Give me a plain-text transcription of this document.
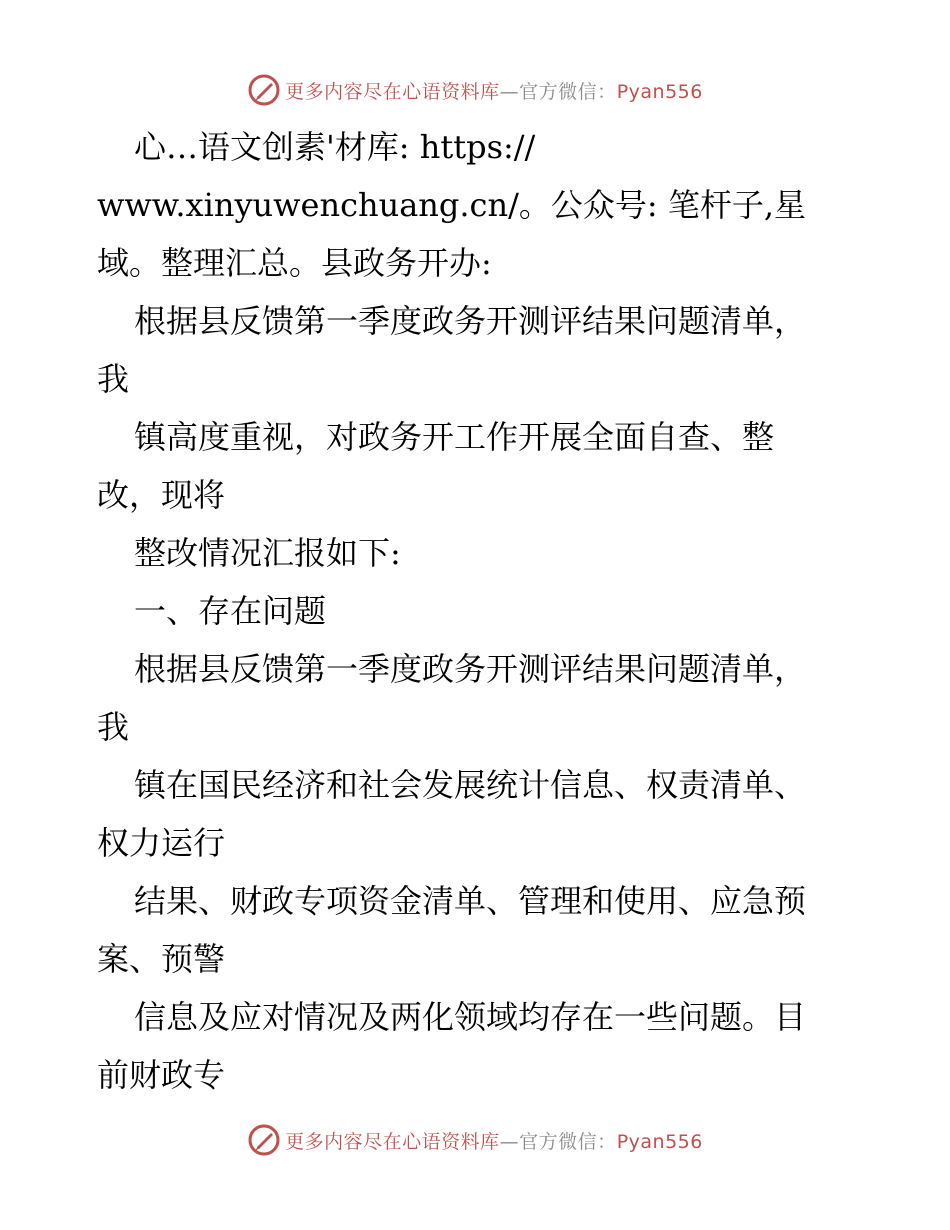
更多内容尽在心语资料库—官方微信：Pyan556
心…语文创素'材库: https://
www.xinyuwenchuang.cn/。公众号: 笔杆子,星
域。整理汇总。县政务开办:
根据县反馈第一季度政务开测评结果问题清单，
我
镇高度重视，对政务开工作开展全面自查、整
改，现将
整改情况汇报如下:
一、存在问题
根据县反馈第一季度政务开测评结果问题清单，
我
镇在国民经济和社会发展统计信息、权责清单、
权力运行
结果、财政专项资金清单、管理和使用、应急预
案、预警
信息及应对情况及两化领域均存在一些问题。目
前财政专
更多内容尽在心语资料库—官方微信：Pyan556
